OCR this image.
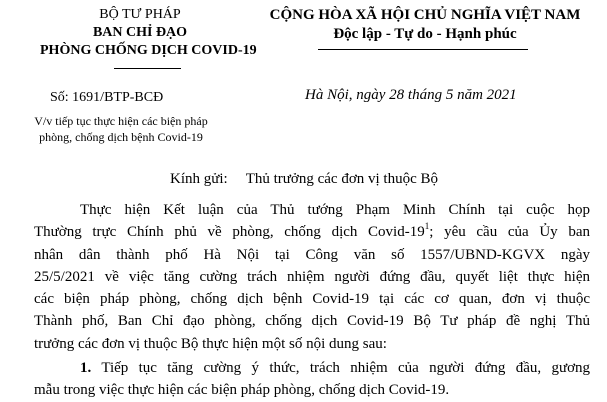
BỘ TƯ PHÁP
BAN CHỈ ĐẠO
PHÒNG CHỐNG DỊCH COVID-19
CỘNG HÒA XÃ HỘI CHỦ NGHĨA VIỆT NAM
Độc lập - Tự do - Hạnh phúc
Số: 1691/BTP-BCĐ
V/v tiếp tục thực hiện các biện pháp
phòng, chống dịch bệnh Covid-19
Hà Nội, ngày 28 tháng 5 năm 2021
Kính gửi: Thủ trưởng các đơn vị thuộc Bộ
Thực hiện Kết luận của Thủ tướng Phạm Minh Chính tại cuộc họp
Thường trực Chính phủ về phòng, chống dịch Covid-$19^1$; yêu cầu của Ủy ban
nhân dân thành phố Hà Nội tại Công văn số 1557/UBND-KGVX ngày
25/5/2021 về việc tăng cường trách nhiệm người đứng đầu, quyết liệt thực hiện
các biện pháp phòng, chống dịch bệnh Covid-19 tại các cơ quan, đơn vị thuộc
Thành phố, Ban Chỉ đạo phòng, chống dịch Covid-19 Bộ Tư pháp đề nghị Thủ
trưởng các đơn vị thuộc Bộ thực hiện một số nội dung sau:
1. Tiếp tục tăng cường ý thức, trách nhiệm của người đứng đầu, gương
mẫu trong việc thực hiện các biện pháp phòng, chống dịch Covid-19.
